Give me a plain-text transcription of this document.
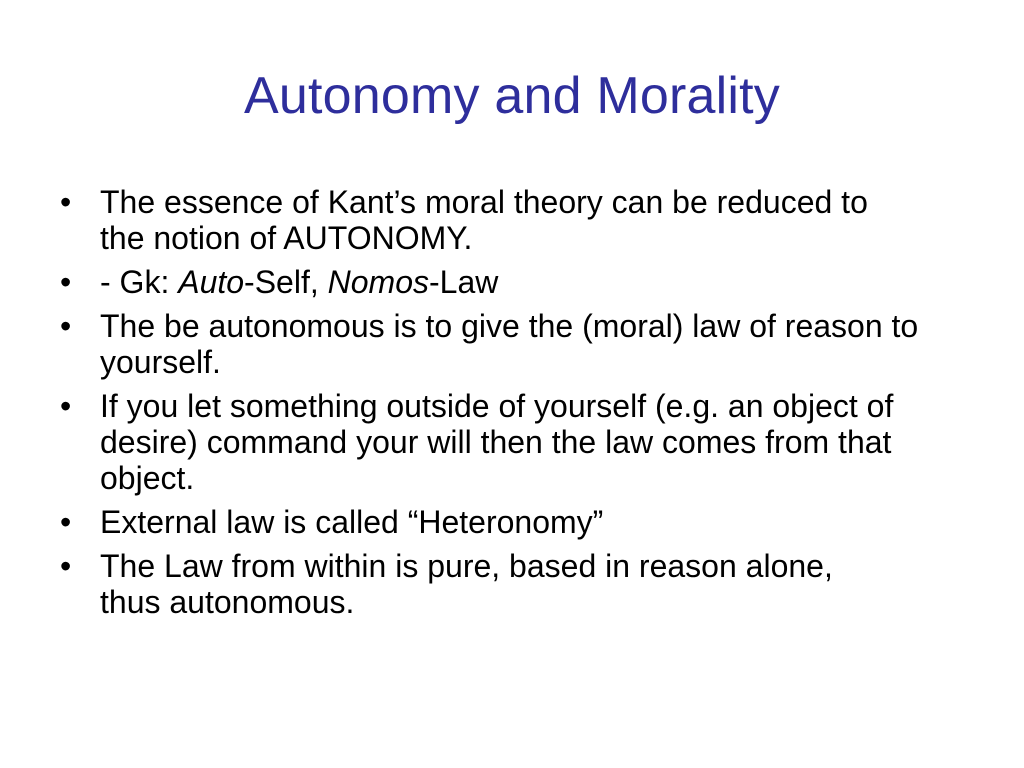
Autonomy and Morality
• The essence of Kant’s moral theory can be reduced to the notion of AUTONOMY.
• - Gk: Auto-Self, Nomos-Law
• The be autonomous is to give the (moral) law of reason to yourself.
• If you let something outside of yourself (e.g. an object of desire) command your will then the law comes from that object.
• External law is called “Heteronomy”
• The Law from within is pure, based in reason alone, thus autonomous.
